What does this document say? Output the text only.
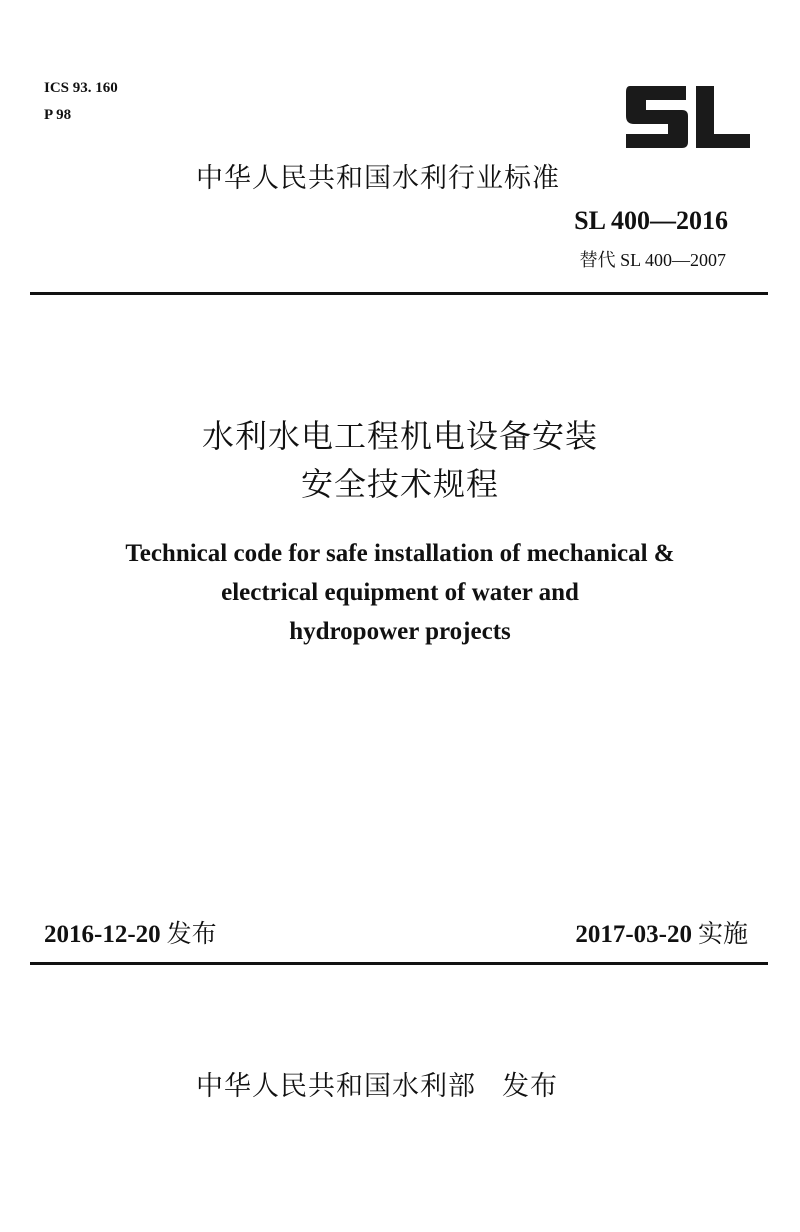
ICS 93. 160
P 98
中华人民共和国水利行业标准
SL 400—2016
替代 SL 400—2007
水利水电工程机电设备安装
安全技术规程
Technical code for safe installation of mechanical &
electrical equipment of water and
hydropower projects
2016-12-20 发布	2017-03-20 实施
中华人民共和国水利部 发布
